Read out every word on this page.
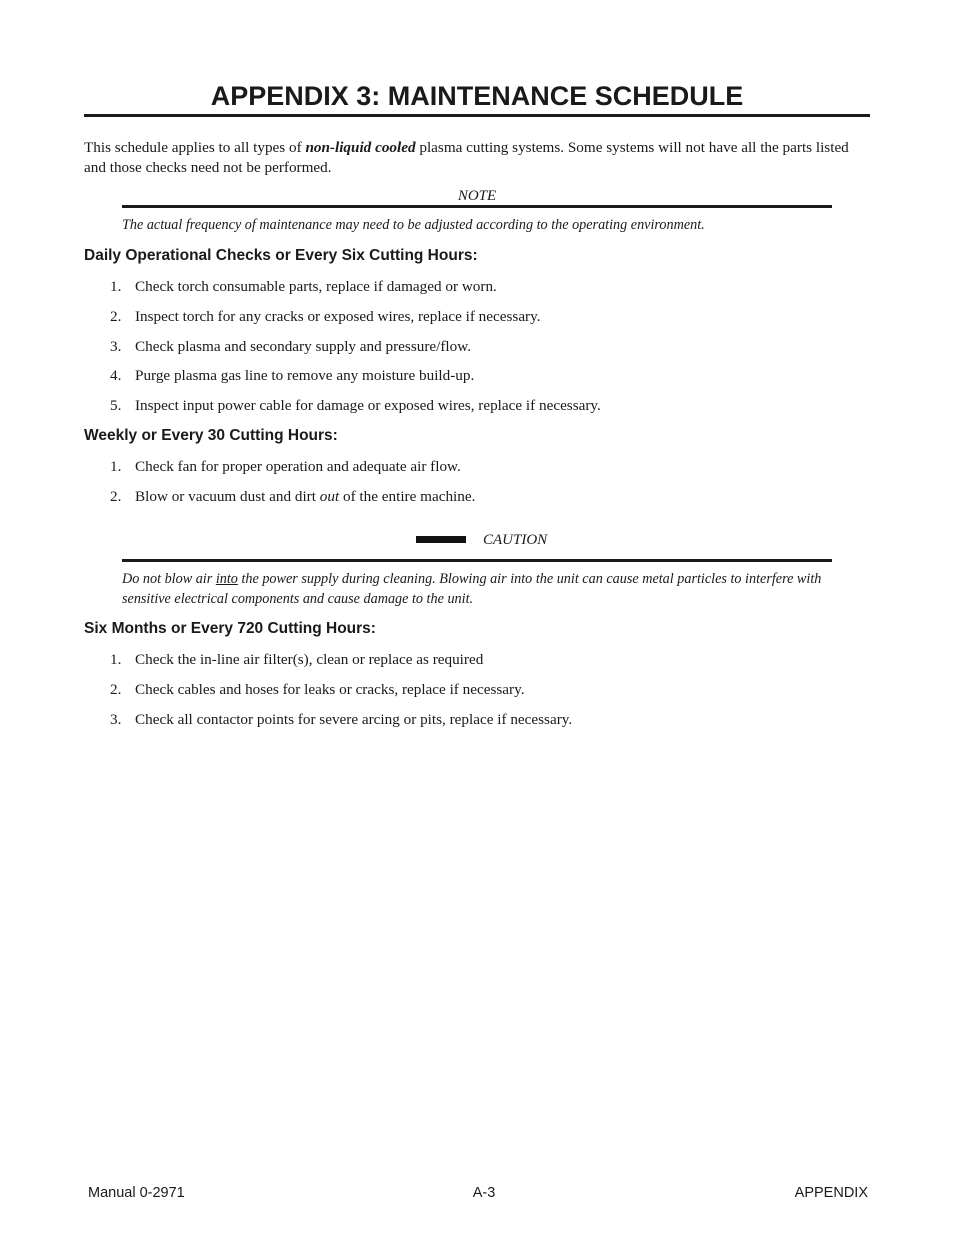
APPENDIX 3: MAINTENANCE SCHEDULE

This schedule applies to all types of non-liquid cooled plasma cutting systems. Some systems will not have all the parts listed and those checks need not be performed.

NOTE
The actual frequency of maintenance may need to be adjusted according to the operating environment.
Daily Operational Checks or Every Six Cutting Hours:
1. Check torch consumable parts, replace if damaged or worn.
2. Inspect torch for any cracks or exposed wires, replace if necessary.
3. Check plasma and secondary supply and pressure/flow.
4. Purge plasma gas line to remove any moisture build-up.
5. Inspect input power cable for damage or exposed wires, replace if necessary.
Weekly or Every 30 Cutting Hours:
1. Check fan for proper operation and adequate air flow.
2. Blow or vacuum dust and dirt out of the entire machine.
CAUTION
Do not blow air into the power supply during cleaning. Blowing air into the unit can cause metal particles to interfere with sensitive electrical components and cause damage to the unit.
Six Months or Every 720 Cutting Hours:
1. Check the in-line air filter(s), clean or replace as required
2. Check cables and hoses for leaks or cracks, replace if necessary.
3. Check all contactor points for severe arcing or pits, replace if necessary.
Manual 0-2971	A-3	APPENDIX
